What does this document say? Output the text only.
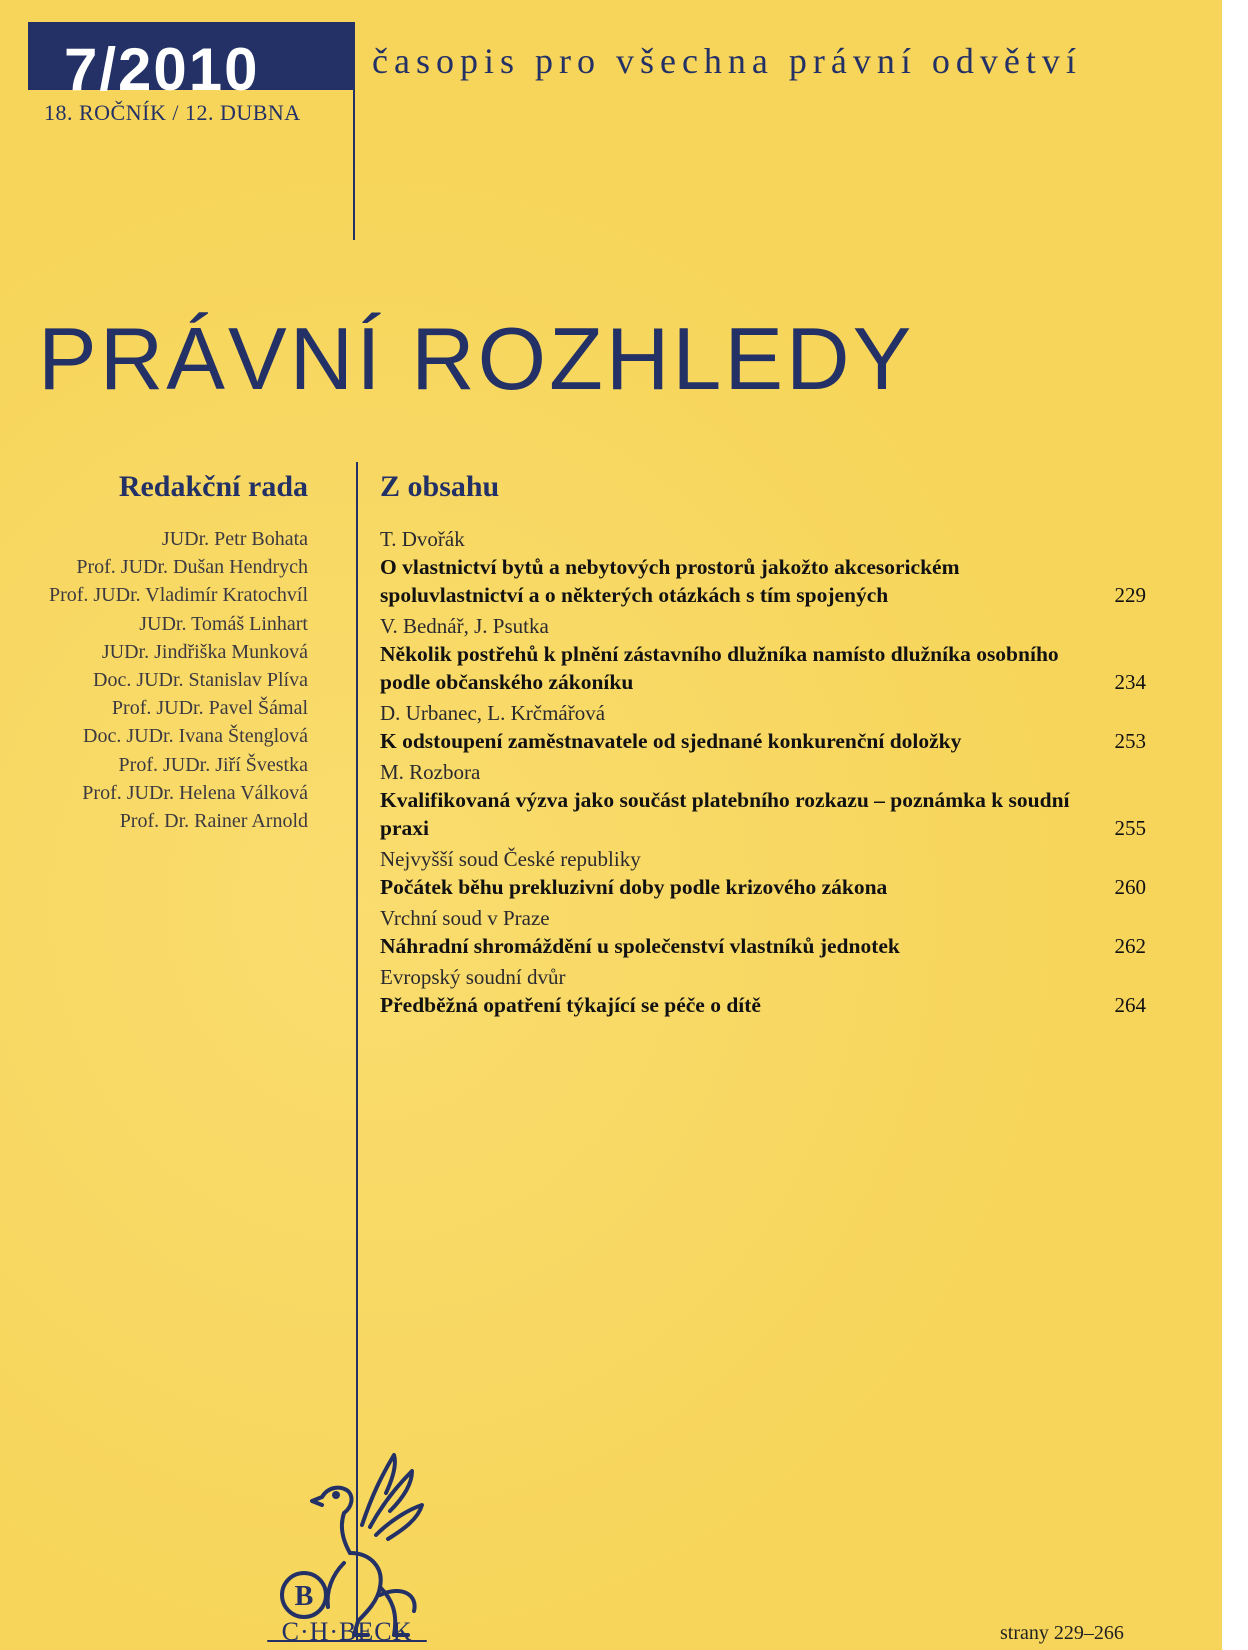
7/2010
18. ROČNÍK / 12. DUBNA
časopis pro všechna právní odvětví
PRÁVNÍ ROZHLEDY
Redakční rada
JUDr. Petr Bohata
Prof. JUDr. Dušan Hendrych
Prof. JUDr. Vladimír Kratochvíl
JUDr. Tomáš Linhart
JUDr. Jindřiška Munková
Doc. JUDr. Stanislav Plíva
Prof. JUDr. Pavel Šámal
Doc. JUDr. Ivana Štenglová
Prof. JUDr. Jiří Švestka
Prof. JUDr. Helena Válková
Prof. Dr. Rainer Arnold
Z obsahu
T. Dvořák
O vlastnictví bytů a nebytových prostorů jakožto akcesorickém spoluvlastnictví a o některých otázkách s tím spojených	229
V. Bednář, J. Psutka
Několik postřehů k plnění zástavního dlužníka namísto dlužníka osobního podle občanského zákoníku	234
D. Urbanec, L. Krčmářová
K odstoupení zaměstnavatele od sjednané konkurenční doložky	253
M. Rozbora
Kvalifikovaná výzva jako součást platebního rozkazu – poznámka k soudní praxi	255
Nejvyšší soud České republiky
Počátek běhu prekluzivní doby podle krizového zákona	260
Vrchní soud v Praze
Náhradní shromáždění u společenství vlastníků jednotek	262
Evropský soudní dvůr
Předběžná opatření týkající se péče o dítě	264
B
C·H·BECK	strany 229–266
